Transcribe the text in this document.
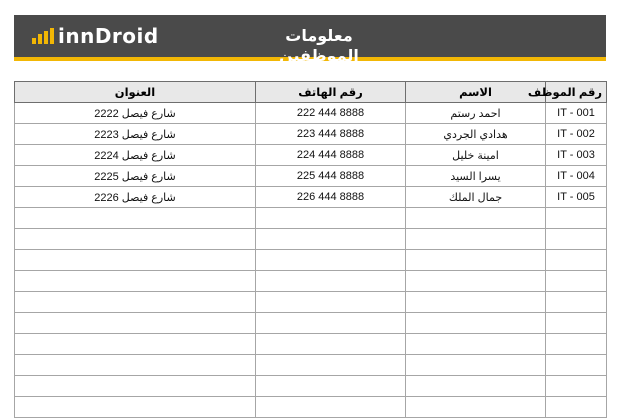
innDroid	معلومات الموظفين
رقم الموظف	الاسم	رقم الهاتف	العنوان
IT - 001	احمد رستم	222 444 8888	شارع فيصل 2222
IT - 002	هدادي الجردي	223 444 8888	شارع فيصل 2223
IT - 003	امينة خليل	224 444 8888	شارع فيصل 2224
IT - 004	يسرا السيد	225 444 8888	شارع فيصل 2225
IT - 005	جمال الملك	226 444 8888	شارع فيصل 2226
